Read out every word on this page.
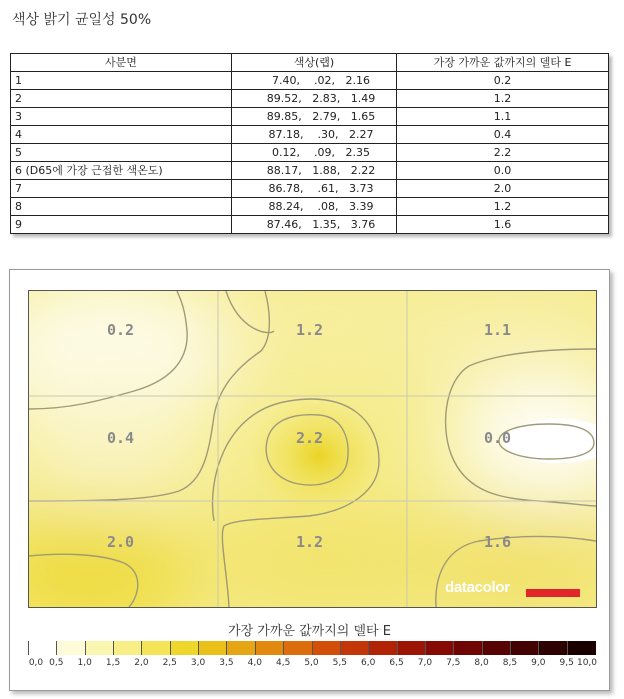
색상 밝기 균일성 50%
사분면	색상(랩)	가장 가까운 값까지의 델타 E
1	7.40,    .02,   2.16	0.2
2	89.52,   2.83,   1.49	1.2
3	89.85,   2.79,   1.65	1.1
4	87.18,    .30,   2.27	0.4
5	0.12,    .09,   2.35	2.2
6 (D65에 가장 근접한 색온도)	88.17,   1.88,   2.22	0.0
7	86.78,    .61,   3.73	2.0
8	88.24,    .08,   3.39	1.2
9	87.46,   1.35,   3.76	1.6
0.2	1.2	1.1
0.4	2.2	0.0
2.0	1.2	1.6
datacolor
가장 가까운 값까지의 델타 E
0,0 0,5 1,0 1,5 2,0 2,5 3,0 3,5 4,0 4,5 5,0 5,5 6,0 6,5 7,0 7,5 8,0 8,5 9,0 9,5 10,0
